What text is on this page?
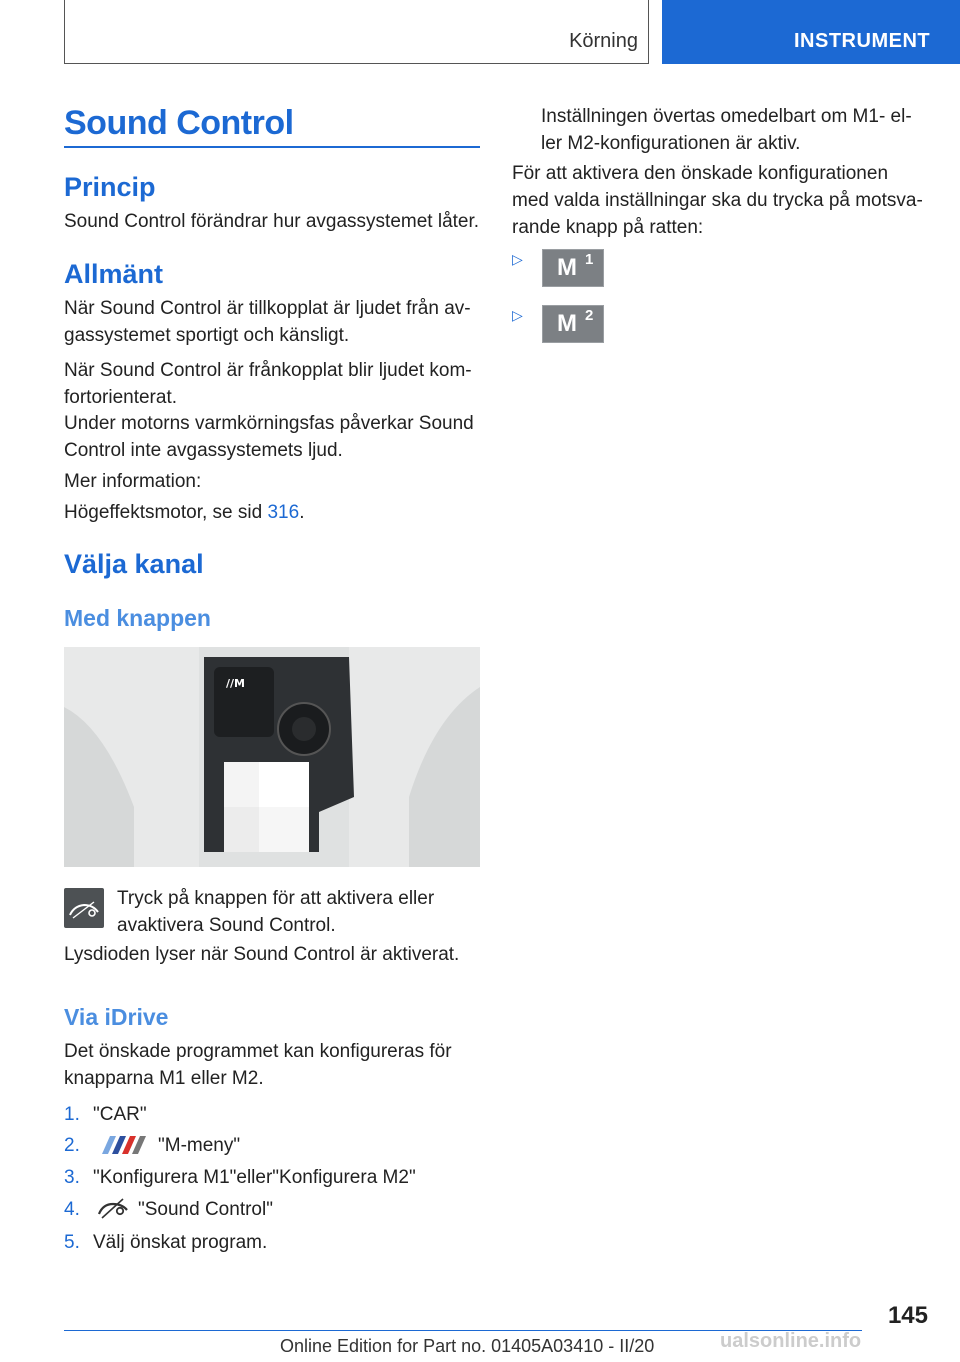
Körning	INSTRUMENT
Sound Control
Princip
Sound Control förändrar hur avgassystemet låter.
Allmänt
När Sound Control är tillkopplat är ljudet från av-
gassystemet sportigt och känsligt.
När Sound Control är frånkopplat blir ljudet kom-
fortorienterat.
Under motorns varmkörningsfas påverkar Sound
Control inte avgassystemets ljud.
Mer information:
Högeffektsmotor, se sid 316.
Välja kanal
Med knappen
//M
Tryck på knappen för att aktivera eller
avaktivera Sound Control.
Lysdioden lyser när Sound Control är aktiverat.
Via iDrive
Det önskade programmet kan konfigureras för
knapparna M1 eller M2.
1. "CAR"
2.	"M-meny"
3. "Konfigurera M1"eller"Konfigurera M2"
4.	"Sound Control"
5. Välj önskat program.
Inställningen övertas omedelbart om M1- el-
ler M2-konfigurationen är aktiv.
För att aktivera den önskade konfigurationen
med valda inställningar ska du trycka på motsva-
rande knapp på ratten:
▷ M 1
▷ M 2
145
Online Edition for Part no. 01405A03410 - II/20	ualsonline.info
